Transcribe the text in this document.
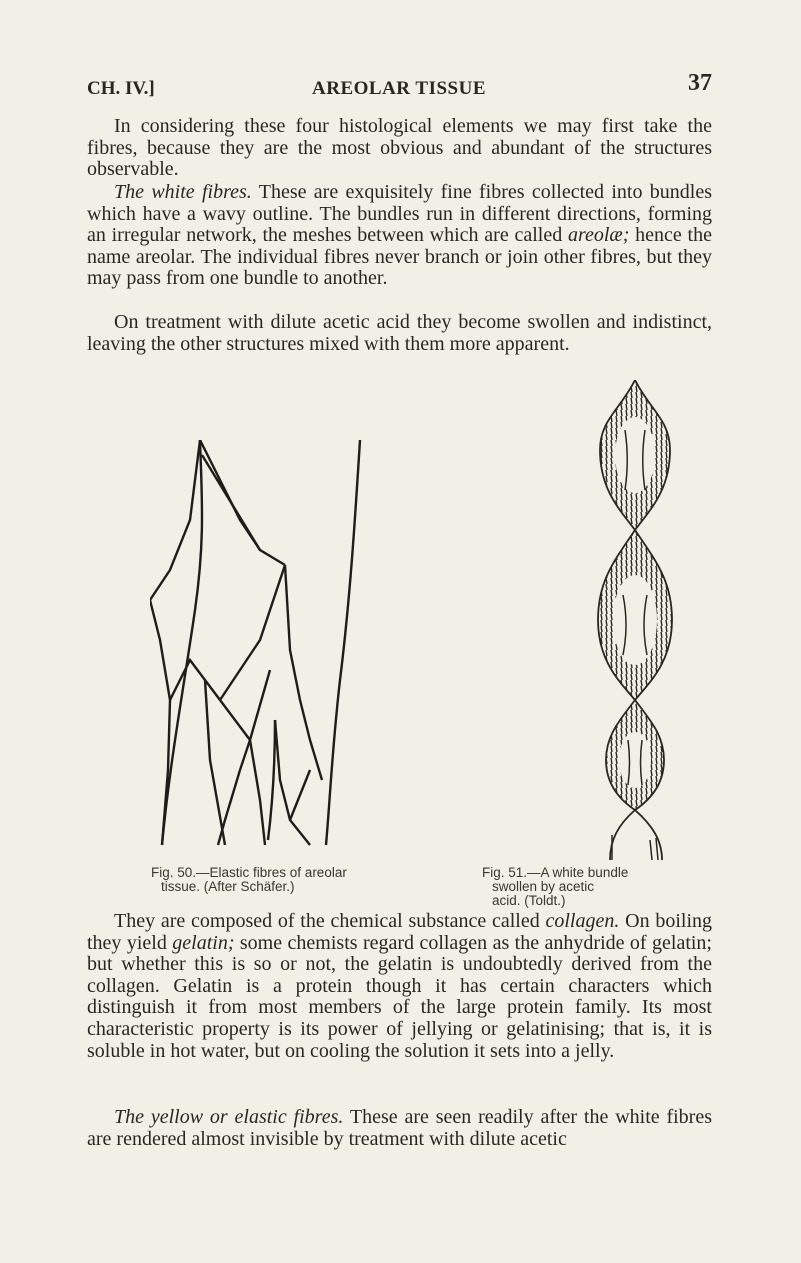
CH. IV.]	AREOLAR TISSUE	37

In considering these four histological elements we may first take the fibres, because they are the most obvious and abundant of the structures observable.

The white fibres. These are exquisitely fine fibres collected into bundles which have a wavy outline. The bundles run in different directions, forming an irregular network, the meshes between which are called areolæ; hence the name areolar. The individual fibres never branch or join other fibres, but they may pass from one bundle to another.

On treatment with dilute acetic acid they become swollen and indistinct, leaving the other structures mixed with them more apparent.

Fig. 50.—Elastic fibres of areolar
tissue. (After Schäfer.)
Fig. 51.—A white bundle
swollen by acetic
acid. (Toldt.)

They are composed of the chemical substance called collagen. On boiling they yield gelatin; some chemists regard collagen as the anhydride of gelatin; but whether this is so or not, the gelatin is undoubtedly derived from the collagen. Gelatin is a protein though it has certain characters which distinguish it from most members of the large protein family. Its most characteristic property is its power of jellying or gelatinising; that is, it is soluble in hot water, but on cooling the solution it sets into a jelly.

The yellow or elastic fibres. These are seen readily after the white fibres are rendered almost invisible by treatment with dilute acetic
